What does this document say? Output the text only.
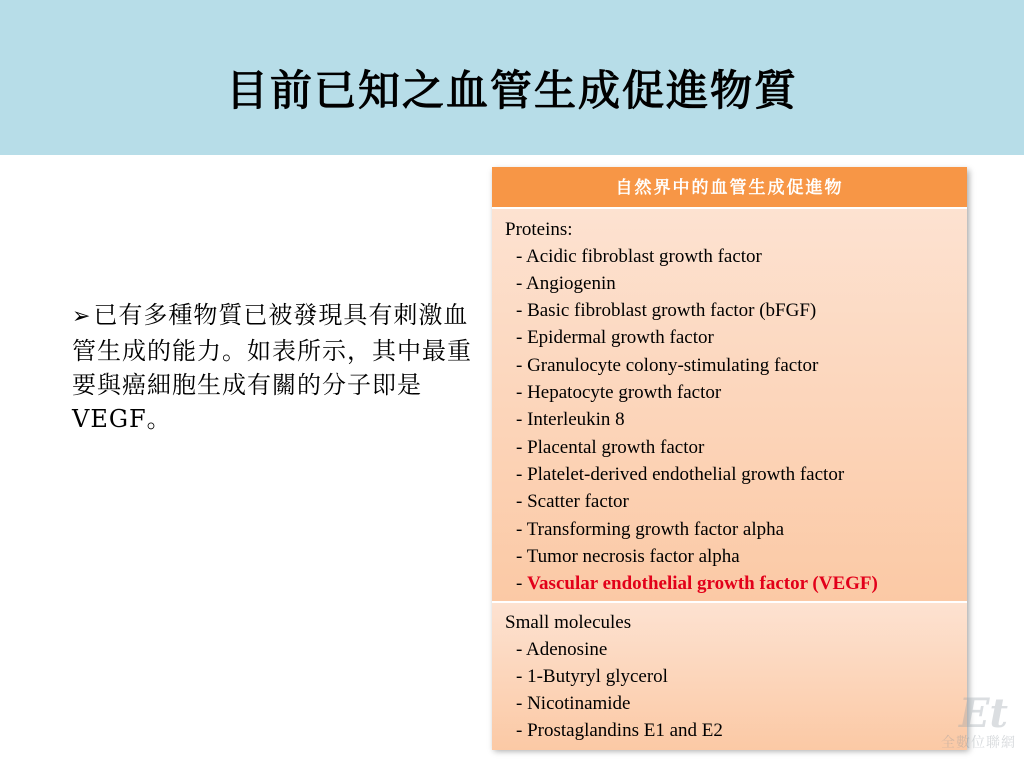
目前已知之血管生成促進物質
➢已有多種物質已被發現具有刺激血管生成的能力。如表所示，其中最重要與癌細胞生成有關的分子即是VEGF。
自然界中的血管生成促進物
Proteins:
- Acidic fibroblast growth factor
- Angiogenin
- Basic fibroblast growth factor (bFGF)
- Epidermal growth factor
- Granulocyte colony-stimulating factor
- Hepatocyte growth factor
- Interleukin 8
- Placental growth factor
- Platelet-derived endothelial growth factor
- Scatter factor
- Transforming growth factor alpha
- Tumor necrosis factor alpha
- Vascular endothelial growth factor (VEGF)
Small molecules
- Adenosine
- 1-Butyryl glycerol
- Nicotinamide
- Prostaglandins E1 and E2	Et
全數位聯網
